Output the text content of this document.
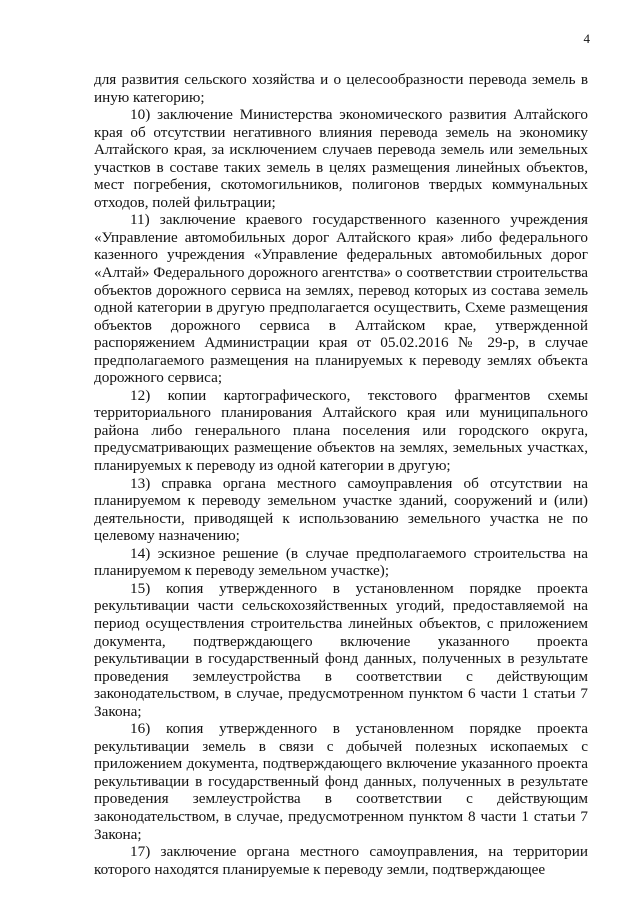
4

для развития сельского хозяйства и о целесообразности перевода земель в иную категорию;

10) заключение Министерства экономического развития Алтайского края об отсутствии негативного влияния перевода земель на экономику Алтайского края, за исключением случаев перевода земель или земельных участков в составе таких земель в целях размещения линейных объектов, мест погребения, скотомогильников, полигонов твердых коммунальных отходов, полей фильтрации;

11) заключение краевого государственного казенного учреждения «Управление автомобильных дорог Алтайского края» либо федерального казенного учреждения «Управление федеральных автомобильных дорог «Алтай» Федерального дорожного агентства» о соответствии строительства объектов дорожного сервиса на землях, перевод которых из состава земель одной категории в другую предполагается осуществить, Схеме размещения объектов дорожного сервиса в Алтайском крае, утвержденной распоряжением Администрации края от 05.02.2016 № 29-р, в случае предполагаемого размещения на планируемых к переводу землях объекта дорожного сервиса;

12) копии картографического, текстового фрагментов схемы территориального планирования Алтайского края или муниципального района либо генерального плана поселения или городского округа, предусматривающих размещение объектов на землях, земельных участках, планируемых к переводу из одной категории в другую;

13) справка органа местного самоуправления об отсутствии на планируемом к переводу земельном участке зданий, сооружений и (или) деятельности, приводящей к использованию земельного участка не по целевому назначению;

14) эскизное решение (в случае предполагаемого строительства на планируемом к переводу земельном участке);

15) копия утвержденного в установленном порядке проекта рекультивации части сельскохозяйственных угодий, предоставляемой на период осуществления строительства линейных объектов, с приложением документа, подтверждающего включение указанного проекта рекультивации в государственный фонд данных, полученных в результате проведения землеустройства в соответствии с действующим законодательством, в случае, предусмотренном пунктом 6 части 1 статьи 7 Закона;

16) копия утвержденного в установленном порядке проекта рекультивации земель в связи с добычей полезных ископаемых с приложением документа, подтверждающего включение указанного проекта рекультивации в государственный фонд данных, полученных в результате проведения землеустройства в соответствии с действующим законодательством, в случае, предусмотренном пунктом 8 части 1 статьи 7 Закона;

17) заключение органа местного самоуправления, на территории которого находятся планируемые к переводу земли, подтверждающее
